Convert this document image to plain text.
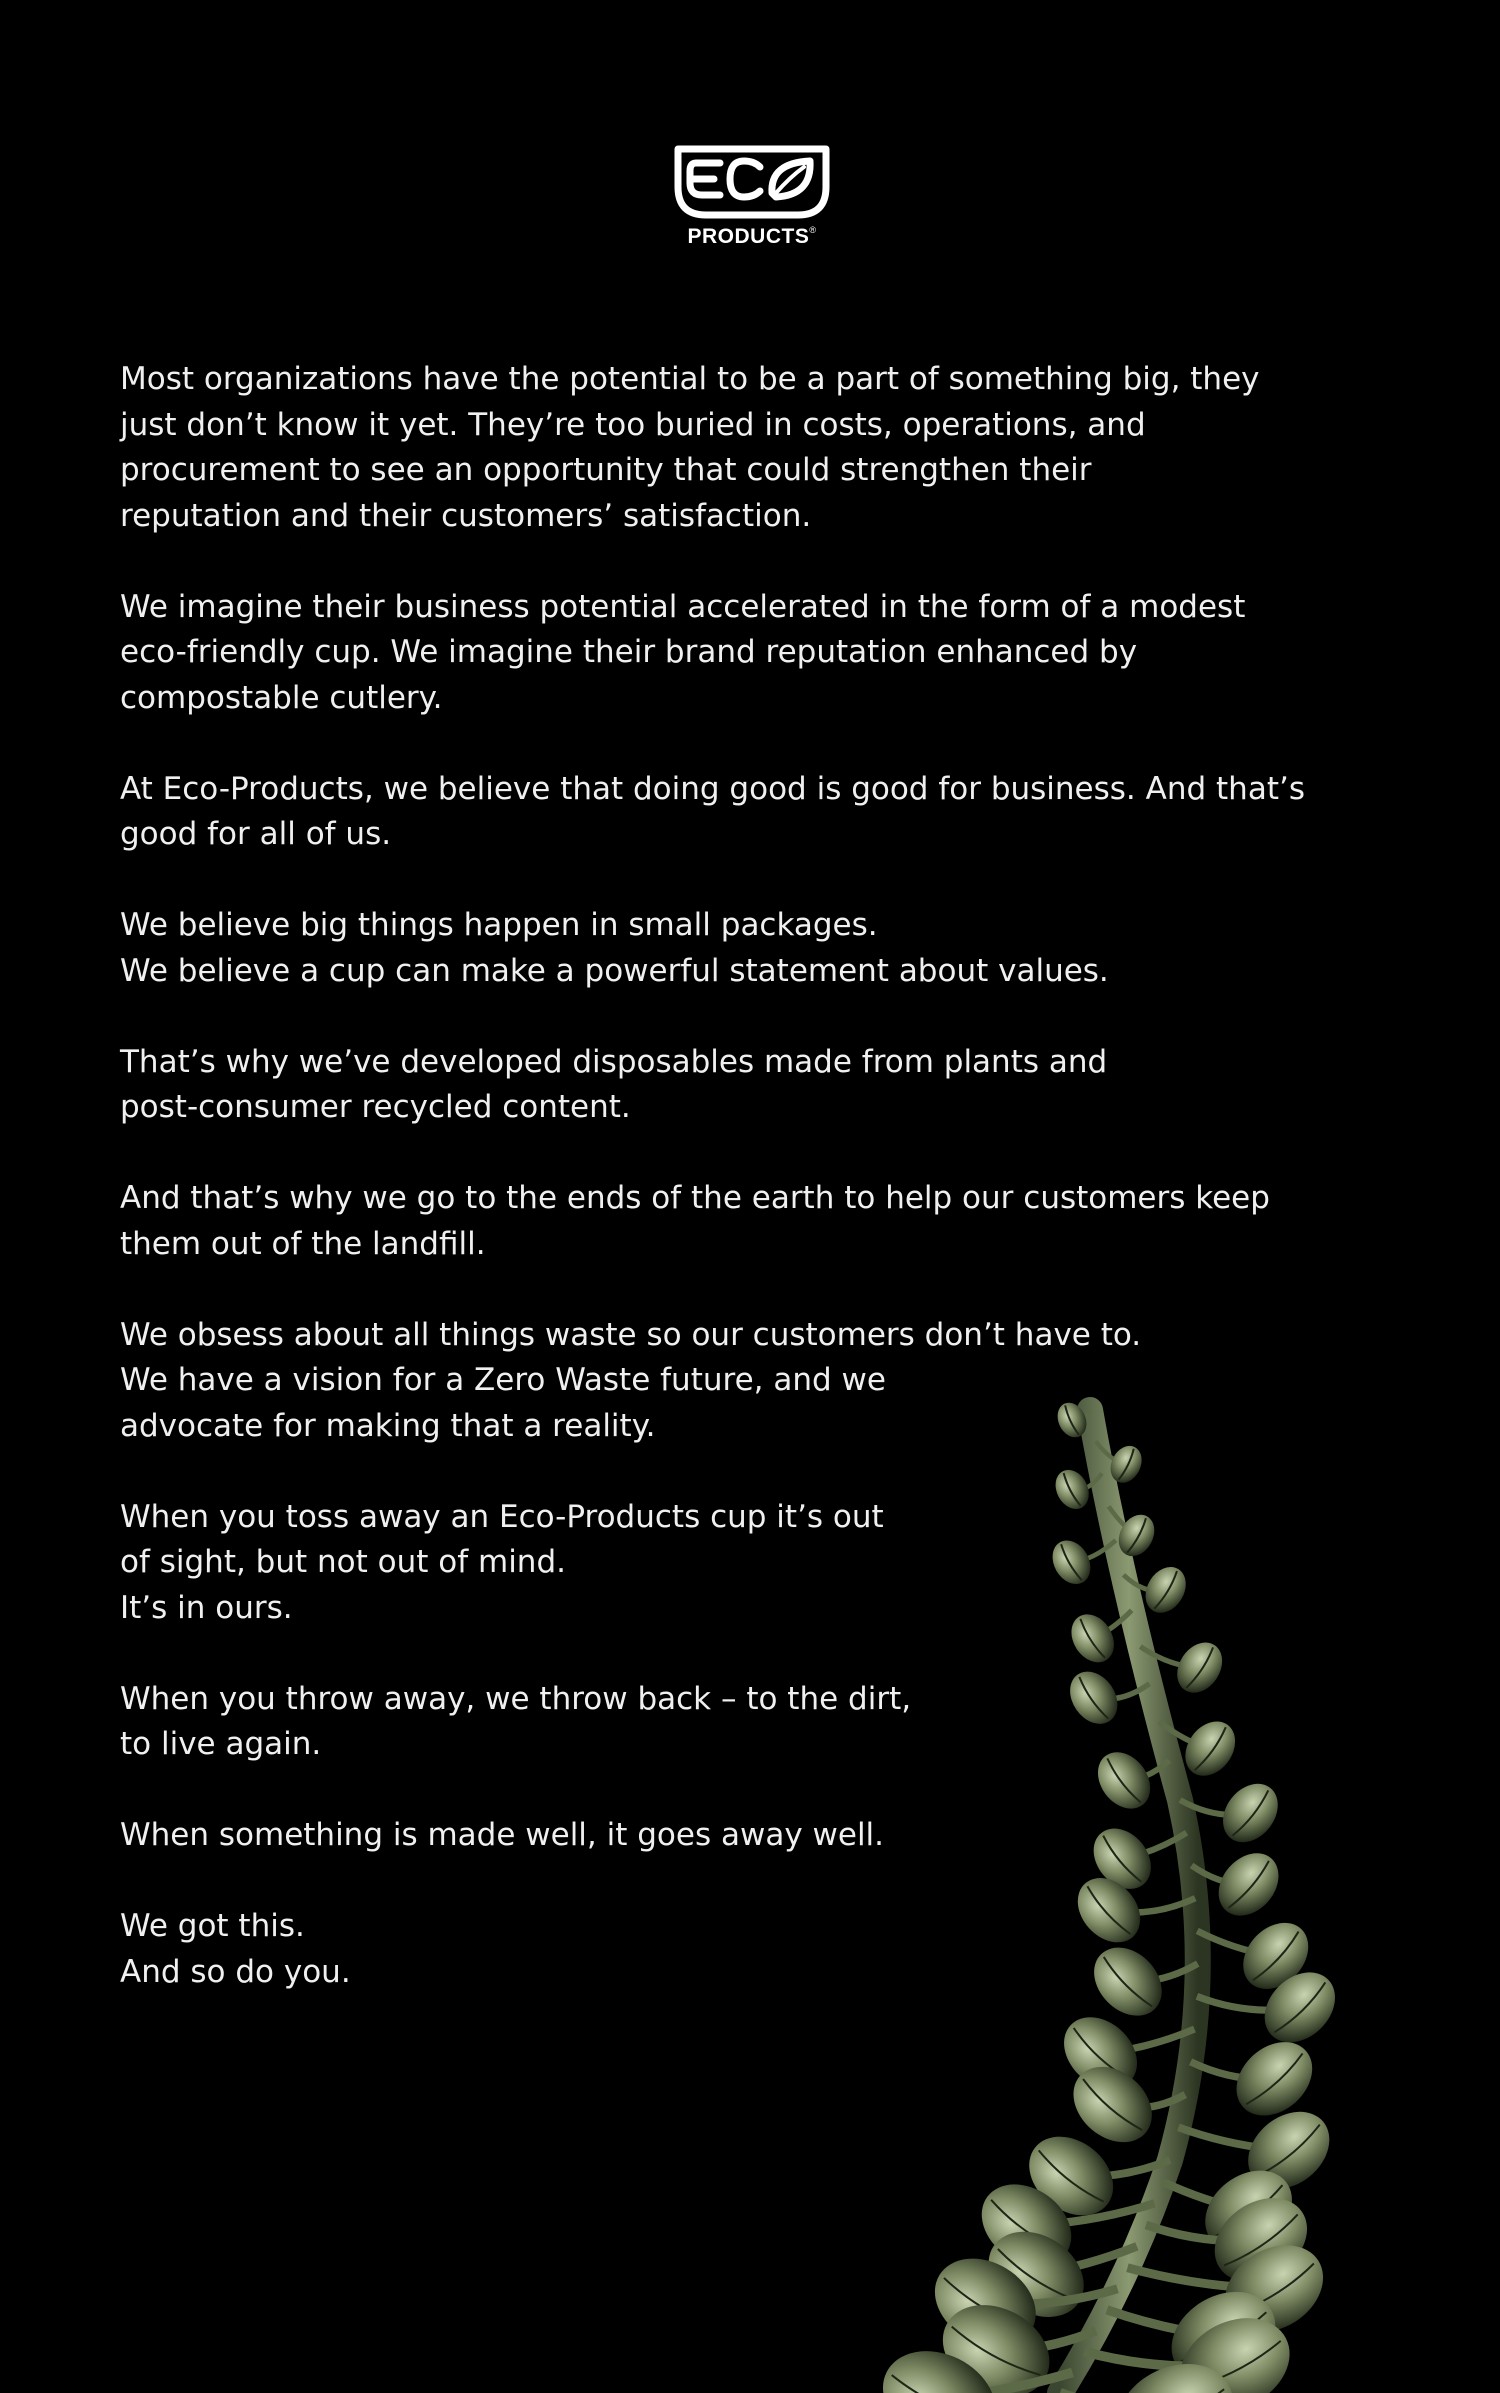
PRODUCTS®
Most organizations have the potential to be a part of something big, they
just don’t know it yet. They’re too buried in costs, operations, and
procurement to see an opportunity that could strengthen their
reputation and their customers’ satisfaction.
We imagine their business potential accelerated in the form of a modest
eco-friendly cup. We imagine their brand reputation enhanced by
compostable cutlery.
At Eco-Products, we believe that doing good is good for business. And that’s
good for all of us.
We believe big things happen in small packages.
We believe a cup can make a powerful statement about values.
That’s why we’ve developed disposables made from plants and
post-consumer recycled content.
And that’s why we go to the ends of the earth to help our customers keep
them out of the landfill.
We obsess about all things waste so our customers don’t have to.
We have a vision for a Zero Waste future, and we
advocate for making that a reality.
When you toss away an Eco-Products cup it’s out
of sight, but not out of mind.
It’s in ours.
When you throw away, we throw back – to the dirt,
to live again.
When something is made well, it goes away well.
We got this.
And so do you.
